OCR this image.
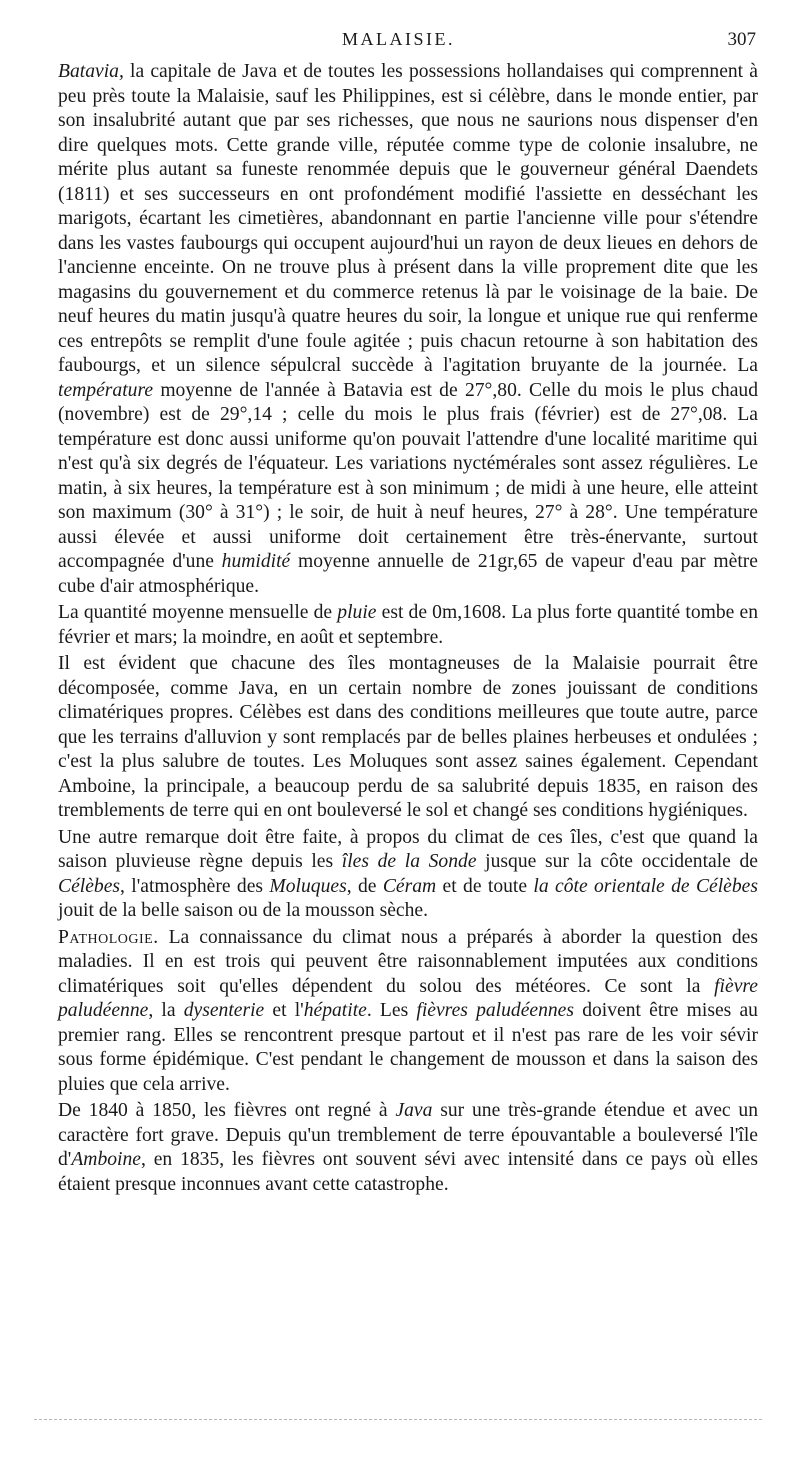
MALAISIE.	307

Batavia, la capitale de Java et de toutes les possessions hollandaises qui comprennent à peu près toute la Malaisie, sauf les Philippines, est si célèbre, dans le monde entier, par son insalubrité autant que par ses richesses, que nous ne saurions nous dispenser d'en dire quelques mots. Cette grande ville, réputée comme type de colonie insalubre, ne mérite plus autant sa funeste renommée depuis que le gouverneur général Daendets (1811) et ses successeurs en ont profondément modifié l'assiette en desséchant les marigots, écartant les cimetières, abandonnant en partie l'ancienne ville pour s'étendre dans les vastes faubourgs qui occupent aujourd'hui un rayon de deux lieues en dehors de l'ancienne enceinte. On ne trouve plus à présent dans la ville proprement dite que les magasins du gouvernement et du commerce retenus là par le voisinage de la baie. De neuf heures du matin jusqu'à quatre heures du soir, la longue et unique rue qui renferme ces entrepôts se remplit d'une foule agitée ; puis chacun retourne à son habitation des faubourgs, et un silence sépulcral succède à l'agitation bruyante de la journée. La température moyenne de l'année à Batavia est de 27°,80. Celle du mois le plus chaud (novembre) est de 29°,14 ; celle du mois le plus frais (février) est de 27°,08. La température est donc aussi uniforme qu'on pouvait l'attendre d'une localité maritime qui n'est qu'à six degrés de l'équateur. Les variations nyctémérales sont assez régulières. Le matin, à six heures, la température est à son minimum ; de midi à une heure, elle atteint son maximum (30° à 31°) ; le soir, de huit à neuf heures, 27° à 28°. Une température aussi élevée et aussi uniforme doit certainement être très-énervante, surtout accompagnée d'une humidité moyenne annuelle de 21gr,65 de vapeur d'eau par mètre cube d'air atmosphérique.

La quantité moyenne mensuelle de pluie est de 0m,1608. La plus forte quantité tombe en février et mars; la moindre, en août et septembre.

Il est évident que chacune des îles montagneuses de la Malaisie pourrait être décomposée, comme Java, en un certain nombre de zones jouissant de conditions climatériques propres. Célèbes est dans des conditions meilleures que toute autre, parce que les terrains d'alluvion y sont remplacés par de belles plaines herbeuses et ondulées ; c'est la plus salubre de toutes. Les Moluques sont assez saines également. Cependant Amboine, la principale, a beaucoup perdu de sa salubrité depuis 1835, en raison des tremblements de terre qui en ont bouleversé le sol et changé ses conditions hygiéniques.

Une autre remarque doit être faite, à propos du climat de ces îles, c'est que quand la saison pluvieuse règne depuis les îles de la Sonde jusque sur la côte occidentale de Célèbes, l'atmosphère des Moluques, de Céram et de toute la côte orientale de Célèbes jouit de la belle saison ou de la mousson sèche.

Pathologie. La connaissance du climat nous a préparés à aborder la question des maladies. Il en est trois qui peuvent être raisonnablement imputées aux conditions climatériques soit qu'elles dépendent du solou des météores. Ce sont la fièvre paludéenne, la dysenterie et l'hépatite. Les fièvres paludéennes doivent être mises au premier rang. Elles se rencontrent presque partout et il n'est pas rare de les voir sévir sous forme épidémique. C'est pendant le changement de mousson et dans la saison des pluies que cela arrive.

De 1840 à 1850, les fièvres ont regné à Java sur une très-grande étendue et avec un caractère fort grave. Depuis qu'un tremblement de terre épouvantable a bouleversé l'île d'Amboine, en 1835, les fièvres ont souvent sévi avec intensité dans ce pays où elles étaient presque inconnues avant cette catastrophe.
